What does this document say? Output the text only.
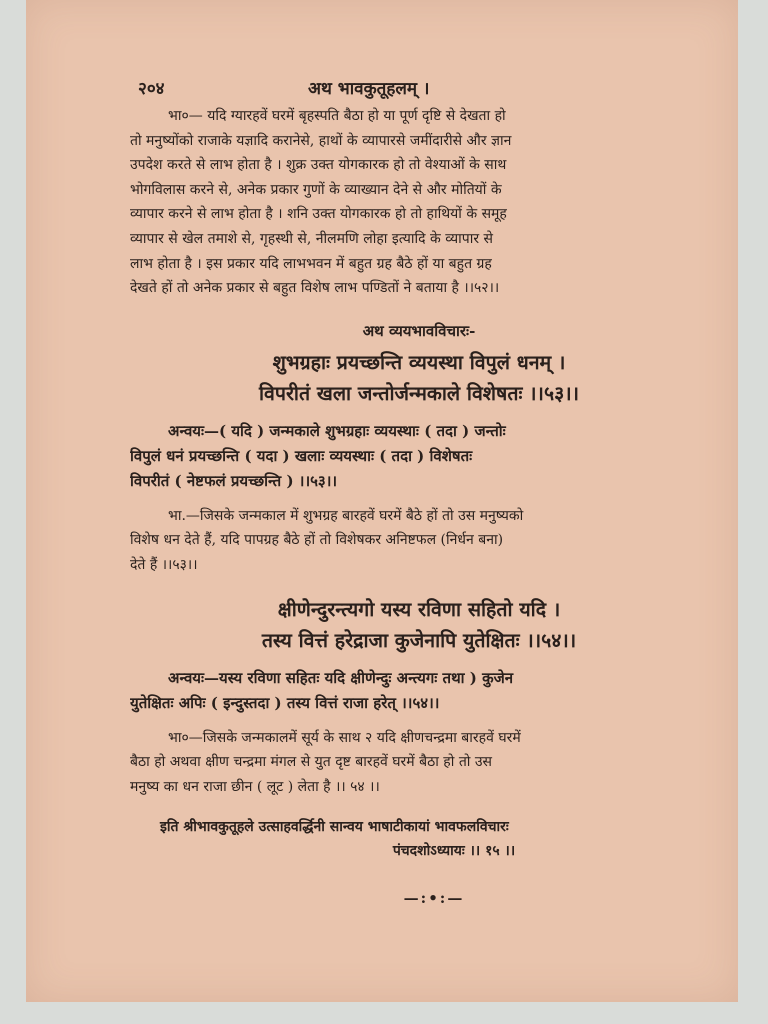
२०४	अथ भावकुतूहलम् ।
भा०— यदि ग्यारहवें घरमें बृहस्पति बैठा हो या पूर्ण दृष्टि से देखता हो
तो मनुष्योंको राजाके यज्ञादि करानेसे, हाथों के व्यापारसे जमींदारीसे और ज्ञान
उपदेश करते से लाभ होता है । शुक्र उक्त योगकारक हो तो वेश्याओं के साथ
भोगविलास करने से, अनेक प्रकार गुणों के व्याख्यान देने से और मोतियों के
व्यापार करने से लाभ होता है । शनि उक्त योगकारक हो तो हाथियों के समूह
व्यापार से खेल तमाशे से, गृहस्थी से, नीलमणि लोहा इत्यादि के व्यापार से
लाभ होता है । इस प्रकार यदि लाभभवन में बहुत ग्रह बैठे हों या बहुत ग्रह
देखते हों तो अनेक प्रकार से बहुत विशेष लाभ पण्डितों ने बताया है ।।५२।।
अथ व्ययभावविचारः-
शुभग्रहाः प्रयच्छन्ति व्ययस्था विपुलं धनम् ।
विपरीतं खला जन्तोर्जन्मकाले विशेषतः ।।५३।।
अन्वयः—( यदि ) जन्मकाले शुभग्रहाः व्ययस्थाः ( तदा ) जन्तोः
विपुलं धनं प्रयच्छन्ति ( यदा ) खलाः व्ययस्थाः ( तदा ) विशेषतः
विपरीतं ( नेष्टफलं प्रयच्छन्ति ) ।।५३।।
भा.—जिसके जन्मकाल में शुभग्रह बारहवें घरमें बैठे हों तो उस मनुष्यको
विशेष धन देते हैं, यदि पापग्रह बैठे हों तो विशेषकर अनिष्टफल (निर्धन बना)
देते हैं ।।५३।।
क्षीणेन्दुरन्त्यगो यस्य रविणा सहितो यदि ।
तस्य वित्तं हरेद्राजा कुजेनापि युतेक्षितः ।।५४।।
अन्वयः—यस्य रविणा सहितः यदि क्षीणेन्दुः अन्त्यगः तथा ) कुजेन
युतेक्षितः अपिः ( इन्दुस्तदा ) तस्य वित्तं राजा हरेत् ।।५४।।
भा०—जिसके जन्मकालमें सूर्य के साथ २ यदि क्षीणचन्द्रमा बारहवें घरमें
बैठा हो अथवा क्षीण चन्द्रमा मंगल से युत दृष्ट बारहवें घरमें बैठा हो तो उस
मनुष्य का धन राजा छीन ( लूट ) लेता है ।। ५४ ।।
इति श्रीभावकुतूहले उत्साहवर्द्धिनी सान्वय भाषाटीकायां भावफलविचारः
पंचदशोऽध्यायः ।। १५ ।।
—:•:—
